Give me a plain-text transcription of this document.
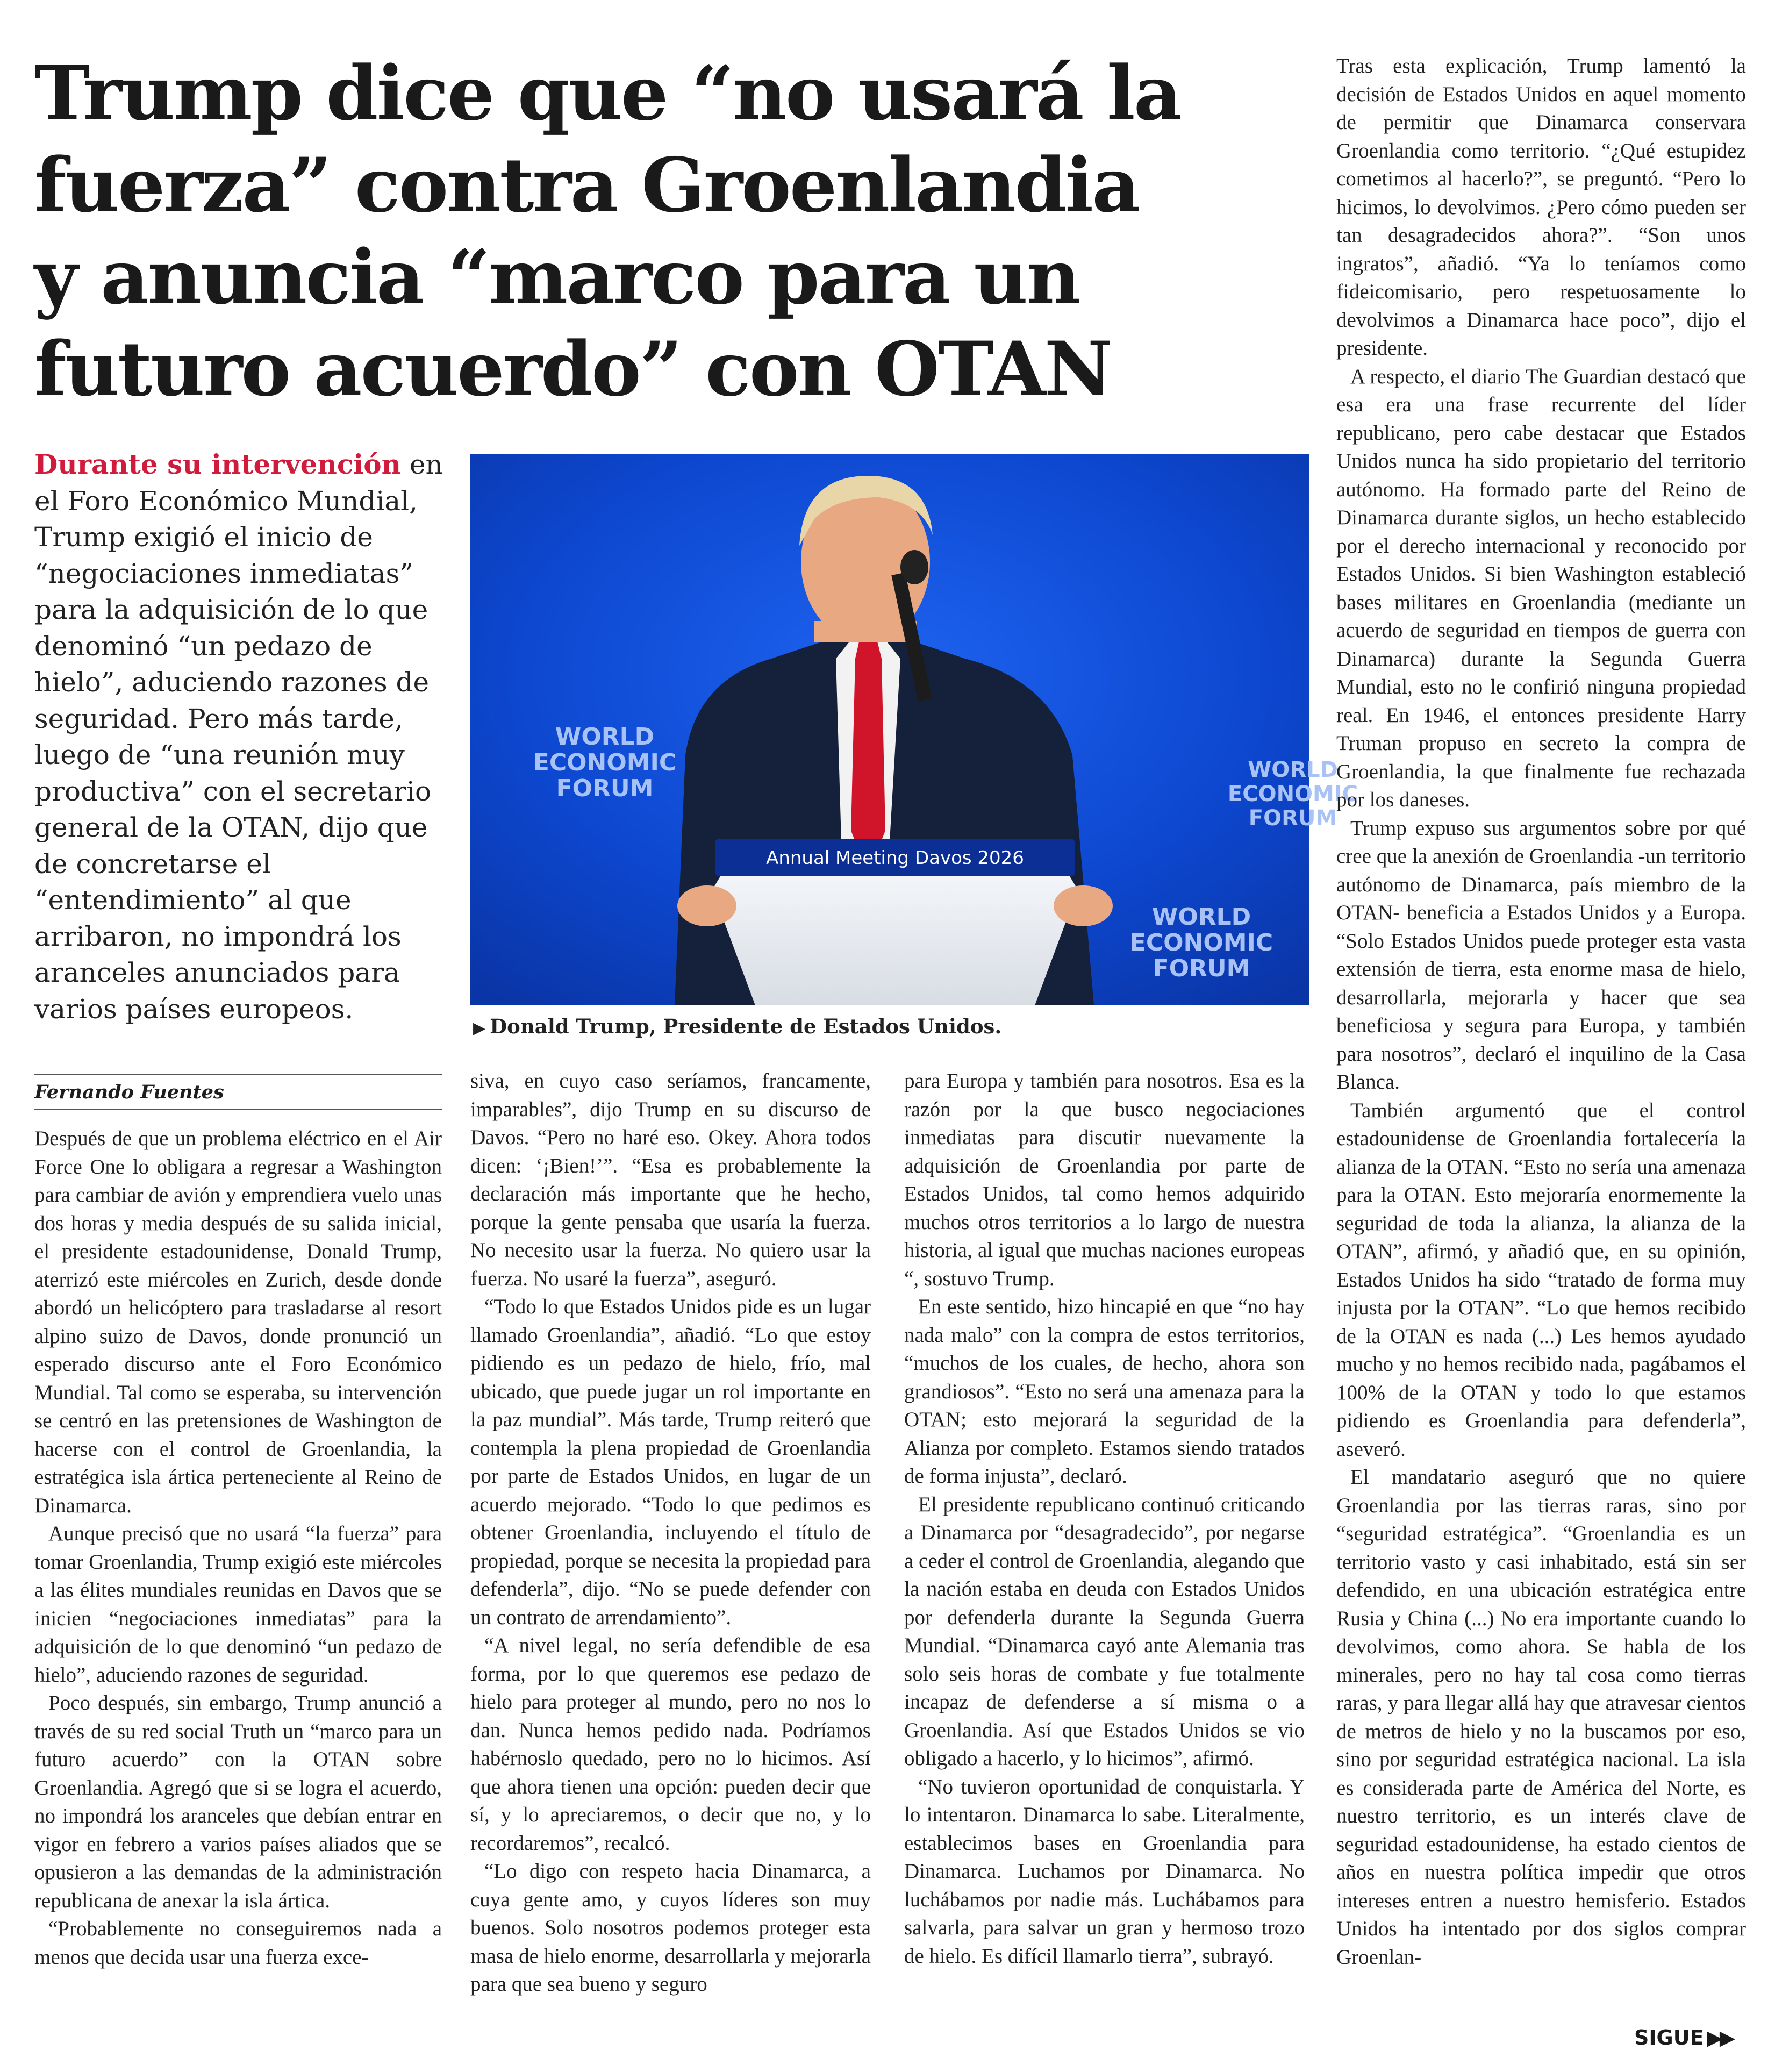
Trump dice que “no usará la
fuerza” contra Groenlandia
y anuncia “marco para un
futuro acuerdo” con OTAN
Durante su intervención en el Foro Económico Mundial, Trump exigió el inicio de “negociaciones inmediatas” para la adquisición de lo que denominó “un pedazo de hielo”, aduciendo razones de seguridad. Pero más tarde, luego de “una reunión muy productiva” con el secretario general de la OTAN, dijo que de concretarse el “entendimiento” al que arribaron, no impondrá los aranceles anunciados para varios países europeos.
WORLD
ECONOMIC
FORUM
WORLD
ECONOMIC
FORUM
WORLD
ECONOMIC
FORUM
Annual Meeting Davos 2026
▶ Donald Trump, Presidente de Estados Unidos.
Fernando Fuentes

Después de que un problema eléctrico en el Air Force One lo obligara a regresar a Washington para cambiar de avión y emprendiera vuelo unas dos horas y media después de su salida inicial, el presidente estadounidense, Donald Trump, aterrizó este miércoles en Zurich, desde donde abordó un helicóptero para trasladarse al resort alpino suizo de Davos, donde pronunció un esperado discurso ante el Foro Económico Mundial. Tal como se esperaba, su intervención se centró en las pretensiones de Washington de hacerse con el control de Groenlandia, la estratégica isla ártica perteneciente al Reino de Dinamarca.

Aunque precisó que no usará “la fuerza” para tomar Groenlandia, Trump exigió este miércoles a las élites mundiales reunidas en Davos que se inicien “negociaciones inmediatas” para la adquisición de lo que denominó “un pedazo de hielo”, aduciendo razones de seguridad.

Poco después, sin embargo, Trump anunció a través de su red social Truth un “marco para un futuro acuerdo” con la OTAN sobre Groenlandia. Agregó que si se logra el acuerdo, no impondrá los aranceles que debían entrar en vigor en febrero a varios países aliados que se opusieron a las demandas de la administración republicana de anexar la isla ártica.

“Probablemente no conseguiremos nada a menos que decida usar una fuerza exce-

siva, en cuyo caso seríamos, francamente, imparables”, dijo Trump en su discurso de Davos. “Pero no haré eso. Okey. Ahora todos dicen: ‘¡Bien!’”. “Esa es probablemente la declaración más importante que he hecho, porque la gente pensaba que usaría la fuerza. No necesito usar la fuerza. No quiero usar la fuerza. No usaré la fuerza”, aseguró.

“Todo lo que Estados Unidos pide es un lugar llamado Groenlandia”, añadió. “Lo que estoy pidiendo es un pedazo de hielo, frío, mal ubicado, que puede jugar un rol importante en la paz mundial”. Más tarde, Trump reiteró que contempla la plena propiedad de Groenlandia por parte de Estados Unidos, en lugar de un acuerdo mejorado. “Todo lo que pedimos es obtener Groenlandia, incluyendo el título de propiedad, porque se necesita la propiedad para defenderla”, dijo. “No se puede defender con un contrato de arrendamiento”.

“A nivel legal, no sería defendible de esa forma, por lo que queremos ese pedazo de hielo para proteger al mundo, pero no nos lo dan. Nunca hemos pedido nada. Podríamos habérnoslo quedado, pero no lo hicimos. Así que ahora tienen una opción: pueden decir que sí, y lo apreciaremos, o decir que no, y lo recordaremos”, recalcó.

“Lo digo con respeto hacia Dinamarca, a cuya gente amo, y cuyos líderes son muy buenos. Solo nosotros podemos proteger esta masa de hielo enorme, desarrollarla y mejorarla para que sea bueno y seguro

para Europa y también para nosotros. Esa es la razón por la que busco negociaciones inmediatas para discutir nuevamente la adquisición de Groenlandia por parte de Estados Unidos, tal como hemos adquirido muchos otros territorios a lo largo de nuestra historia, al igual que muchas naciones europeas “, sostuvo Trump.

En este sentido, hizo hincapié en que “no hay nada malo” con la compra de estos territorios, “muchos de los cuales, de hecho, ahora son grandiosos”. “Esto no será una amenaza para la OTAN; esto mejorará la seguridad de la Alianza por completo. Estamos siendo tratados de forma injusta”, declaró.

El presidente republicano continuó criticando a Dinamarca por “desagradecido”, por negarse a ceder el control de Groenlandia, alegando que la nación estaba en deuda con Estados Unidos por defenderla durante la Segunda Guerra Mundial. “Dinamarca cayó ante Alemania tras solo seis horas de combate y fue totalmente incapaz de defenderse a sí misma o a Groenlandia. Así que Estados Unidos se vio obligado a hacerlo, y lo hicimos”, afirmó.

“No tuvieron oportunidad de conquistarla. Y lo intentaron. Dinamarca lo sabe. Literalmente, establecimos bases en Groenlandia para Dinamarca. Luchamos por Dinamarca. No luchábamos por nadie más. Luchábamos para salvarla, para salvar un gran y hermoso trozo de hielo. Es difícil llamarlo tierra”, subrayó.

Tras esta explicación, Trump lamentó la decisión de Estados Unidos en aquel momento de permitir que Dinamarca conservara Groenlandia como territorio. “¿Qué estupidez cometimos al hacerlo?”, se preguntó. “Pero lo hicimos, lo devolvimos. ¿Pero cómo pueden ser tan desagradecidos ahora?”. “Son unos ingratos”, añadió. “Ya lo teníamos como fideicomisario, pero respetuosamente lo devolvimos a Dinamarca hace poco”, dijo el presidente.

A respecto, el diario The Guardian destacó que esa era una frase recurrente del líder republicano, pero cabe destacar que Estados Unidos nunca ha sido propietario del territorio autónomo. Ha formado parte del Reino de Dinamarca durante siglos, un hecho establecido por el derecho internacional y reconocido por Estados Unidos. Si bien Washington estableció bases militares en Groenlandia (mediante un acuerdo de seguridad en tiempos de guerra con Dinamarca) durante la Segunda Guerra Mundial, esto no le confirió ninguna propiedad real. En 1946, el entonces presidente Harry Truman propuso en secreto la compra de Groenlandia, la que finalmente fue rechazada por los daneses.

Trump expuso sus argumentos sobre por qué cree que la anexión de Groenlandia -un territorio autónomo de Dinamarca, país miembro de la OTAN- beneficia a Estados Unidos y a Europa. “Solo Estados Unidos puede proteger esta vasta extensión de tierra, esta enorme masa de hielo, desarrollarla, mejorarla y hacer que sea beneficiosa y segura para Europa, y también para nosotros”, declaró el inquilino de la Casa Blanca.

También argumentó que el control estadounidense de Groenlandia fortalecería la alianza de la OTAN. “Esto no sería una amenaza para la OTAN. Esto mejoraría enormemente la seguridad de toda la alianza, la alianza de la OTAN”, afirmó, y añadió que, en su opinión, Estados Unidos ha sido “tratado de forma muy injusta por la OTAN”. “Lo que hemos recibido de la OTAN es nada (...) Les hemos ayudado mucho y no hemos recibido nada, pagábamos el 100% de la OTAN y todo lo que estamos pidiendo es Groenlandia para defenderla”, aseveró.

El mandatario aseguró que no quiere Groenlandia por las tierras raras, sino por “seguridad estratégica”. “Groenlandia es un territorio vasto y casi inhabitado, está sin ser defendido, en una ubicación estratégica entre Rusia y China (...) No era importante cuando lo devolvimos, como ahora. Se habla de los minerales, pero no hay tal cosa como tierras raras, y para llegar allá hay que atravesar cientos de metros de hielo y no la buscamos por eso, sino por seguridad estratégica nacional. La isla es considerada parte de América del Norte, es nuestro territorio, es un interés clave de seguridad estadounidense, ha estado cientos de años en nuestra política impedir que otros intereses entren a nuestro hemisferio. Estados Unidos ha intentado por dos siglos comprar Groenlan-

SIGUE ▶▶
